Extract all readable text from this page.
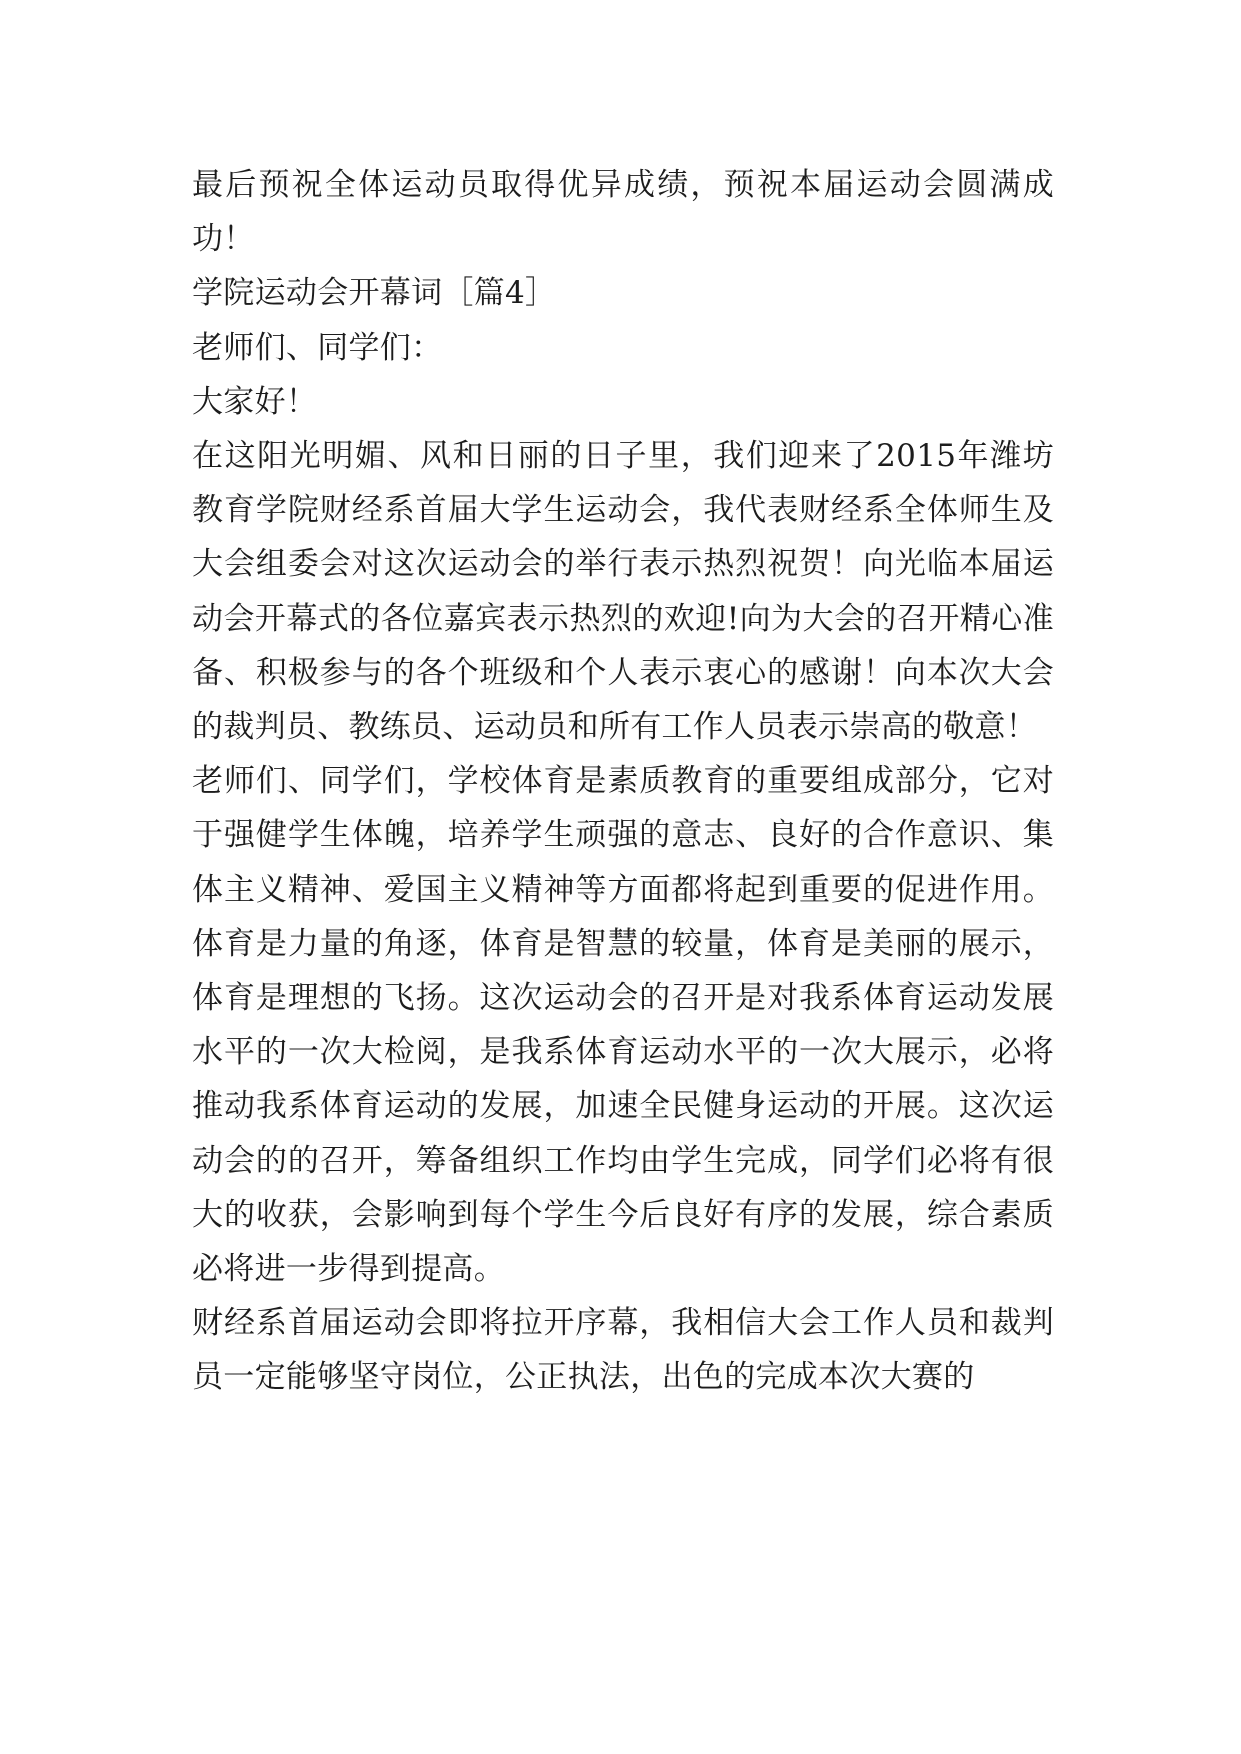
最后预祝全体运动员取得优异成绩，预祝本届运动会圆满成功！

学院运动会开幕词［篇4］

老师们、同学们：

大家好！

在这阳光明媚、风和日丽的日子里，我们迎来了2015年潍坊教育学院财经系首届大学生运动会，我代表财经系全体师生及大会组委会对这次运动会的举行表示热烈祝贺！向光临本届运动会开幕式的各位嘉宾表示热烈的欢迎!向为大会的召开精心准备、积极参与的各个班级和个人表示衷心的感谢！向本次大会的裁判员、教练员、运动员和所有工作人员表示崇高的敬意！

老师们、同学们，学校体育是素质教育的重要组成部分，它对于强健学生体魄，培养学生顽强的意志、良好的合作意识、集体主义精神、爱国主义精神等方面都将起到重要的促进作用。体育是力量的角逐，体育是智慧的较量，体育是美丽的展示，体育是理想的飞扬。这次运动会的召开是对我系体育运动发展水平的一次大检阅，是我系体育运动水平的一次大展示，必将推动我系体育运动的发展，加速全民健身运动的开展。这次运动会的的召开，筹备组织工作均由学生完成，同学们必将有很大的收获，会影响到每个学生今后良好有序的发展，综合素质必将进一步得到提高。

财经系首届运动会即将拉开序幕，我相信大会工作人员和裁判员一定能够坚守岗位，公正执法，出色的完成本次大赛的
